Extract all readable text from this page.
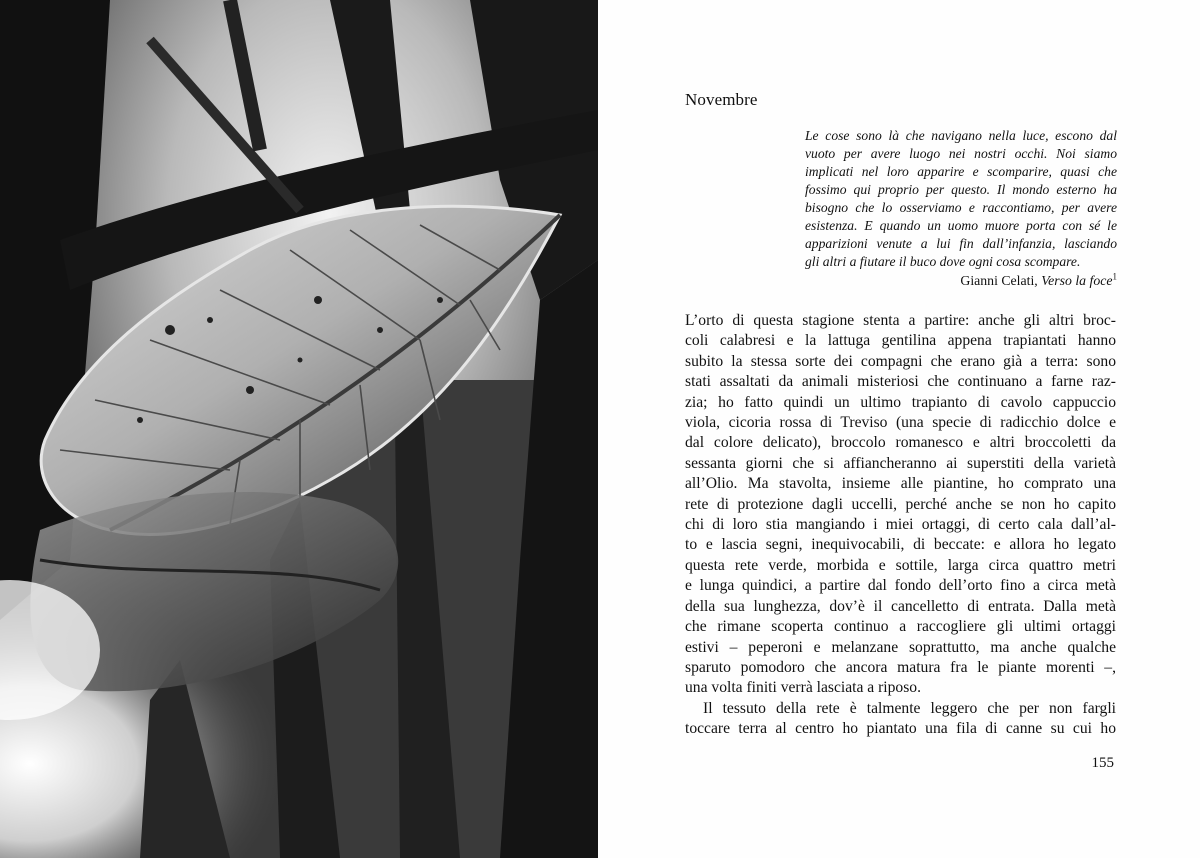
Novembre
Le cose sono là che navigano nella luce, escono dal
vuoto per avere luogo nei nostri occhi. Noi siamo
implicati nel loro apparire e scomparire, quasi che
fossimo qui proprio per questo. Il mondo esterno ha
bisogno che lo osserviamo e raccontiamo, per avere
esistenza. E quando un uomo muore porta con sé le
apparizioni venute a lui fin dall’infanzia, lasciando
gli altri a fiutare il buco dove ogni cosa scompare.
Gianni Celati, Verso la foce$^1$
L’orto di questa stagione stenta a partire: anche gli altri broc-
coli calabresi e la lattuga gentilina appena trapiantati hanno
subito la stessa sorte dei compagni che erano già a terra: sono
stati assaltati da animali misteriosi che continuano a farne raz-
zia; ho fatto quindi un ultimo trapianto di cavolo cappuccio
viola, cicoria rossa di Treviso (una specie di radicchio dolce e
dal colore delicato), broccolo romanesco e altri broccoletti da
sessanta giorni che si affiancheranno ai superstiti della varietà
all’Olio. Ma stavolta, insieme alle piantine, ho comprato una
rete di protezione dagli uccelli, perché anche se non ho capito
chi di loro stia mangiando i miei ortaggi, di certo cala dall’al-
to e lascia segni, inequivocabili, di beccate: e allora ho legato
questa rete verde, morbida e sottile, larga circa quattro metri
e lunga quindici, a partire dal fondo dell’orto fino a circa metà
della sua lunghezza, dov’è il cancelletto di entrata. Dalla metà
che rimane scoperta continuo a raccogliere gli ultimi ortaggi
estivi – peperoni e melanzane soprattutto, ma anche qualche
sparuto pomodoro che ancora matura fra le piante morenti –,
una volta finiti verrà lasciata a riposo.
Il tessuto della rete è talmente leggero che per non fargli
toccare terra al centro ho piantato una fila di canne su cui ho
155
